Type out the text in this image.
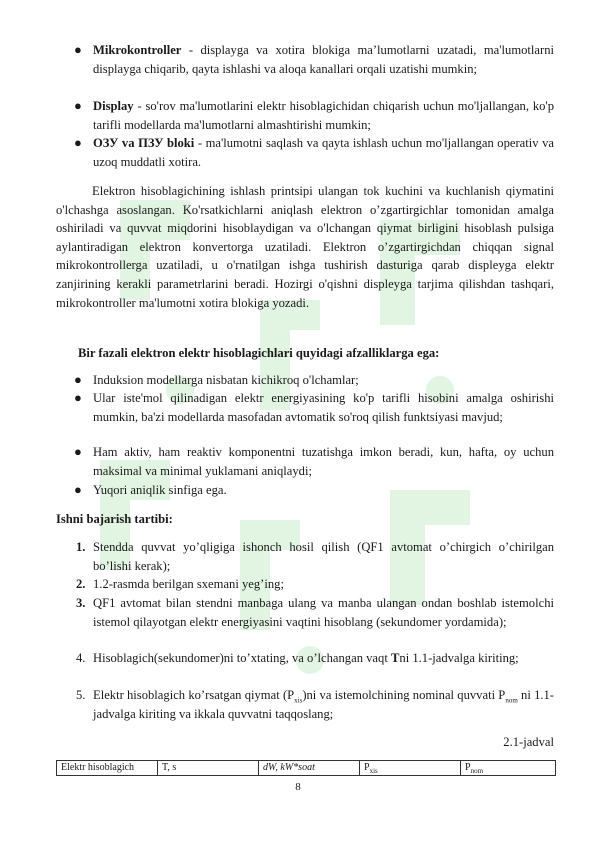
● Mikrokontroller - displayga va xotira blokiga ma’lumotlarni uzatadi, ma'lumotlarni displayga chiqarib, qayta ishlashi va aloqa kanallari orqali uzatishi mumkin;
● Display - so'rov ma'lumotlarini elektr hisoblagichidan chiqarish uchun mo'ljallangan, ko'p tarifli modellarda ma'lumotlarni almashtirishi mumkin;
● ОЗУ va ПЗУ bloki - ma'lumotni saqlash va qayta ishlash uchun mo'ljallangan operativ va uzoq muddatli xotira.
Elektron hisoblagichining ishlash printsipi ulangan tok kuchini va kuchlanish qiymatini o'lchashga asoslangan. Ko'rsatkichlarni aniqlash elektron o’zgartirgichlar tomonidan amalga oshiriladi va quvvat miqdorini hisoblaydigan va o'lchangan qiymat birligini hisoblash pulsiga aylantiradigan elektron konvertorga uzatiladi. Elektron o’zgartirgichdan chiqqan signal mikrokontrollerga uzatiladi, u o'rnatilgan ishga tushirish dasturiga qarab displeyga elektr zanjirining kerakli parametrlarini beradi. Hozirgi o'qishni displeyga tarjima qilishdan tashqari, mikrokontroller ma'lumotni xotira blokiga yozadi.
Bir fazali elektron elektr hisoblagichlari quyidagi afzalliklarga ega:
● Induksion modellarga nisbatan kichikroq o'lchamlar;
● Ular iste'mol qilinadigan elektr energiyasining ko'p tarifli hisobini amalga oshirishi mumkin, ba'zi modellarda masofadan avtomatik so'roq qilish funktsiyasi mavjud;
● Ham aktiv, ham reaktiv komponentni tuzatishga imkon beradi, kun, hafta, oy uchun maksimal va minimal yuklamani aniqlaydi;
● Yuqori aniqlik sinfiga ega.
Ishni bajarish tartibi:
1. Stendda quvvat yo’qligiga ishonch hosil qilish (QF1 avtomat o’chirgich o’chirilgan bo’lishi kerak);
2. 1.2-rasmda berilgan sxemani yeg’ing;
3. QF1 avtomat bilan stendni manbaga ulang va manba ulangan ondan boshlab istemolchi istemol qilayotgan elektr energiyasini vaqtini hisoblang (sekundomer yordamida);
4. Hisoblagich(sekundomer)ni to’xtating, va o’lchangan vaqt Tni 1.1-jadvalga kiriting;
5. Elektr hisoblagich ko’rsatgan qiymat $(P_{xis})ni$ va istemolchining nominal quvvati $P_{nom}$ ni 1.1-jadvalga kiriting va ikkala quvvatni taqqoslang;
2.1-jadval
Elektr hisoblagich	T, s	dW, kW*soat	$P_{xis}$	$P_{nom}$
8
